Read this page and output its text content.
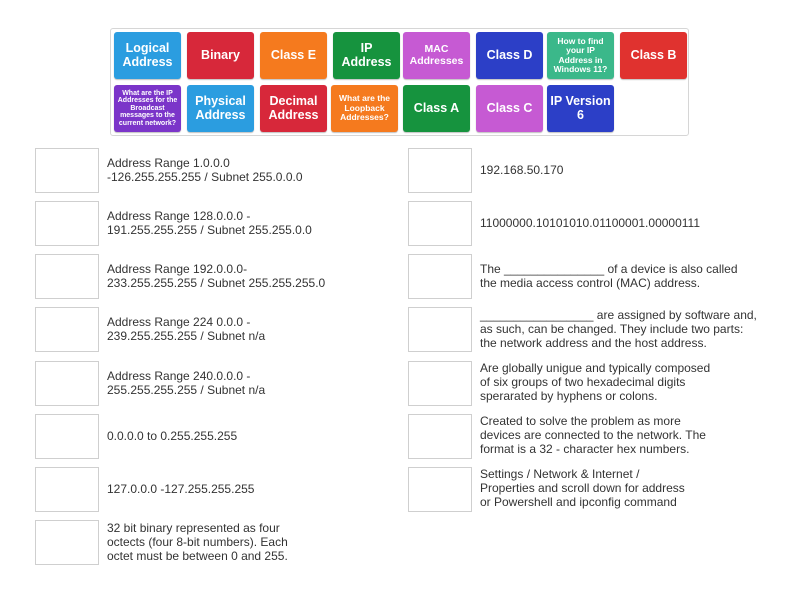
Logical Address	Binary	Class E	IP Address
MAC Addresses	Class D
How to find your IP Address in Windows 11?
Class B
What are the IP Addresses for the Broadcast messages to the current network?
Physical Address
Decimal Address
What are the Loopback Addresses?
Class A	Class C	IP Version 6
Address Range 1.0.0.0
-126.255.255.255 / Subnet 255.0.0.0
Address Range 128.0.0.0 -
191.255.255.255 / Subnet 255.255.0.0
Address Range 192.0.0.0-
233.255.255.255 / Subnet 255.255.255.0
Address Range 224 0.0.0 -
239.255.255.255 / Subnet n/a
Address Range 240.0.0.0 -
255.255.255.255 / Subnet n/a
0.0.0.0 to 0.255.255.255
127.0.0.0 -127.255.255.255
32 bit binary represented as four
octects (four 8-bit numbers). Each
octet must be between 0 and 255.
192.168.50.170
11000000.10101010.01100001.00000111
The _______________ of a device is also called
the media access control (MAC) address.
_________________ are assigned by software and,
as such, can be changed. They include two parts:
the network address and the host address.
Are globally unigue and typically composed
of six groups of two hexadecimal digits
sperarated by hyphens or colons.
Created to solve the problem as more
devices are connected to the network. The
format is a 32 - character hex numbers.
Settings / Network & Internet /
Properties and scroll down for address
or Powershell and ipconfig command
